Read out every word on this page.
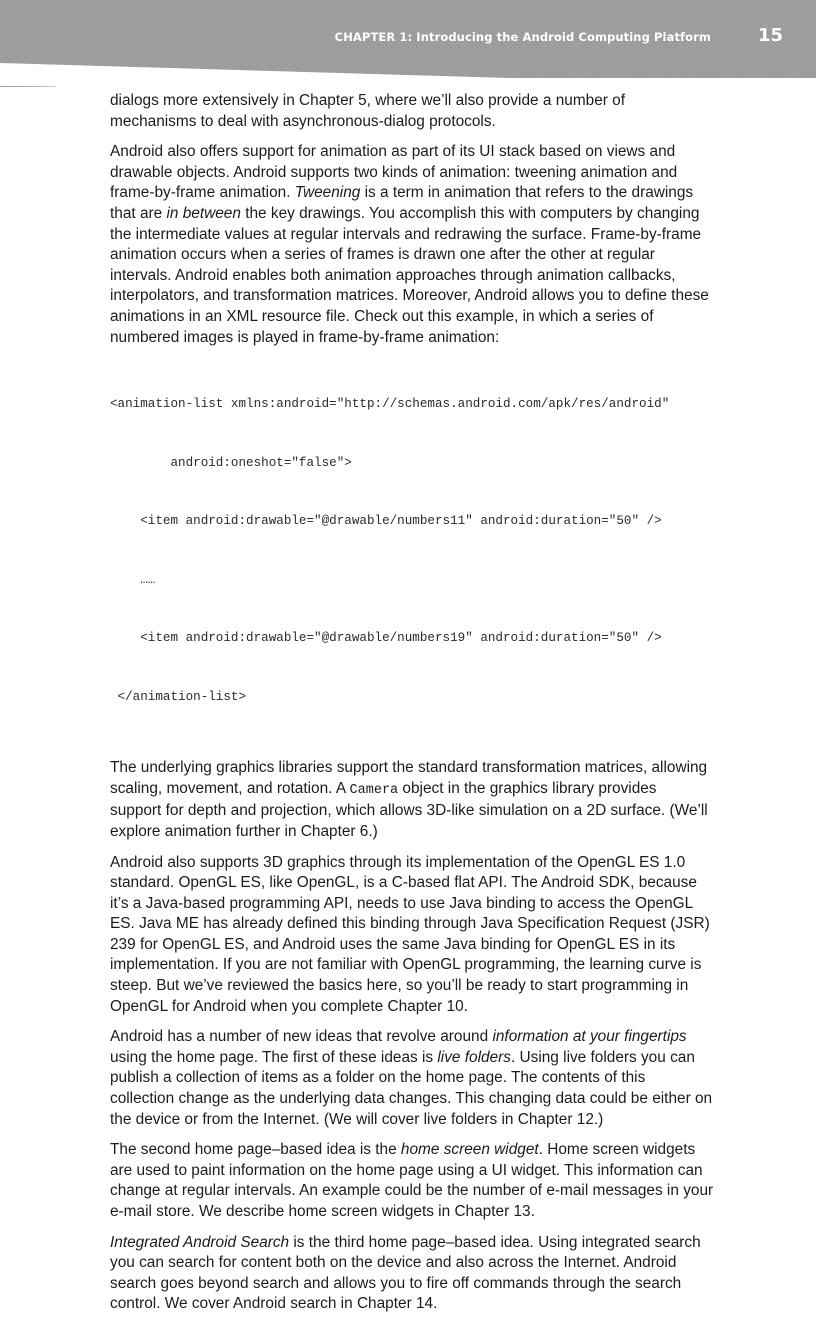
CHAPTER 1: Introducing the Android Computing Platform	15

dialogs more extensively in Chapter 5, where we’ll also provide a number of
mechanisms to deal with asynchronous-dialog protocols.

Android also offers support for animation as part of its UI stack based on views and
drawable objects. Android supports two kinds of animation: tweening animation and
frame-by-frame animation. Tweening is a term in animation that refers to the drawings
that are in between the key drawings. You accomplish this with computers by changing
the intermediate values at regular intervals and redrawing the surface. Frame-by-frame
animation occurs when a series of frames is drawn one after the other at regular
intervals. Android enables both animation approaches through animation callbacks,
interpolators, and transformation matrices. Moreover, Android allows you to define these
animations in an XML resource file. Check out this example, in which a series of
numbered images is played in frame-by-frame animation:

<animation-list xmlns:android="http://schemas.android.com/apk/res/android"

android:oneshot="false">

<item android:drawable="@drawable/numbers11" android:duration="50" />

……

<item android:drawable="@drawable/numbers19" android:duration="50" />

</animation-list>

The underlying graphics libraries support the standard transformation matrices, allowing
scaling, movement, and rotation. A Camera object in the graphics library provides
support for depth and projection, which allows 3D-like simulation on a 2D surface. (We’ll
explore animation further in Chapter 6.)

Android also supports 3D graphics through its implementation of the OpenGL ES 1.0
standard. OpenGL ES, like OpenGL, is a C-based flat API. The Android SDK, because
it’s a Java-based programming API, needs to use Java binding to access the OpenGL
ES. Java ME has already defined this binding through Java Specification Request (JSR)
239 for OpenGL ES, and Android uses the same Java binding for OpenGL ES in its
implementation. If you are not familiar with OpenGL programming, the learning curve is
steep. But we’ve reviewed the basics here, so you’ll be ready to start programming in
OpenGL for Android when you complete Chapter 10.

Android has a number of new ideas that revolve around information at your fingertips
using the home page. The first of these ideas is live folders. Using live folders you can
publish a collection of items as a folder on the home page. The contents of this
collection change as the underlying data changes. This changing data could be either on
the device or from the Internet. (We will cover live folders in Chapter 12.)

The second home page–based idea is the home screen widget. Home screen widgets
are used to paint information on the home page using a UI widget. This information can
change at regular intervals. An example could be the number of e-mail messages in your
e-mail store. We describe home screen widgets in Chapter 13.

Integrated Android Search is the third home page–based idea. Using integrated search
you can search for content both on the device and also across the Internet. Android
search goes beyond search and allows you to fire off commands through the search
control. We cover Android search in Chapter 14.
